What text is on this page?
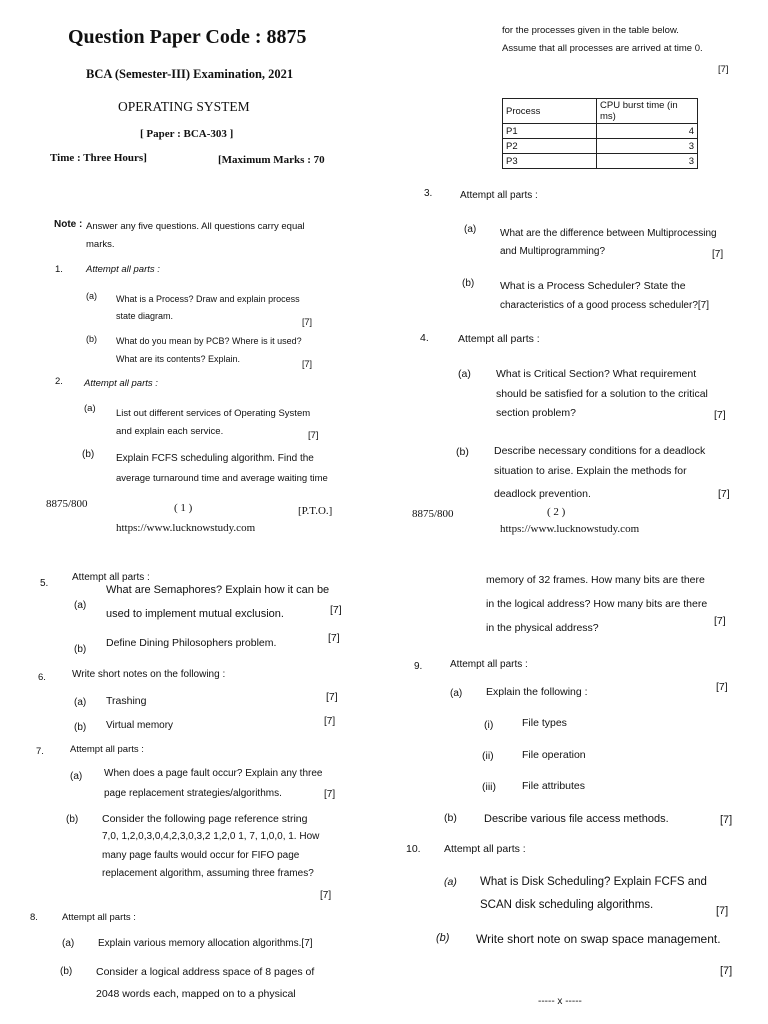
Question Paper Code : 8875
BCA (Semester-III) Examination, 2021
OPERATING SYSTEM
[ Paper : BCA-303 ]
Time : Three Hours]	[Maximum Marks : 70
Note : Answer any five questions. All questions carry equal
marks.
1. Attempt all parts :
(a) What is a Process? Draw and explain process
state diagram.
[7]
(b) What do you mean by PCB? Where is it used?
What are its contents? Explain.	[7]
2. Attempt all parts :
(a) List out different services of Operating System
and explain each service.	[7]
(b) Explain FCFS scheduling algorithm. Find the
average turnaround time and average waiting time
8875/800	( 1 )	[P.T.O.]
https://www.lucknowstudy.com
for the processes given in the table below.
Assume that all processes are arrived at time 0.
[7]
Process	CPU burst time (in ms)
P1	4
P2	3
P3	3
3.	Attempt all parts :
(a) What are the difference between Multiprocessing
and Multiprogramming?	[7]
(b) What is a Process Scheduler? State the
characteristics of a good process scheduler?[7]
4.	Attempt all parts :
(a) What is Critical Section? What requirement
should be satisfied for a solution to the critical
section problem?	[7]
(b) Describe necessary conditions for a deadlock
situation to arise. Explain the methods for
deadlock prevention.	[7]
8875/800	( 2 )
https://www.lucknowstudy.com
5.
Attempt all parts :
(a)
What are Semaphores? Explain how it can be
used to implement mutual exclusion.	[7]
(b)
Define Dining Philosophers problem.	[7]
6.	Write short notes on the following :
(a) Trashing	[7]
(b) Virtual memory	[7]
7.	Attempt all parts :
(a) When does a page fault occur? Explain any three
page replacement strategies/algorithms.	[7]
(b) Consider the following page reference string
7,0, 1,2,0,3,0,4,2,3,0,3,2 1,2,0 1, 7, 1,0,0, 1. How
many page faults would occur for FIFO page
replacement algorithm, assuming three frames?
[7]
8.	Attempt all parts :
(a) Explain various memory allocation algorithms.[7]
(b) Consider a logical address space of 8 pages of
2048 words each, mapped on to a physical
memory of 32 frames. How many bits are there
in the logical address? How many bits are there
in the physical address?
[7]
9.	Attempt all parts :
(a) Explain the following :	[7]
(i)	File types
(ii)	File operation
(iii) File attributes
(b) Describe various file access methods.	[7]
10. Attempt all parts :
(a) What is Disk Scheduling? Explain FCFS and
SCAN disk scheduling algorithms.	[7]
(b) Write short note on swap space management.
[7]
----- x -----
